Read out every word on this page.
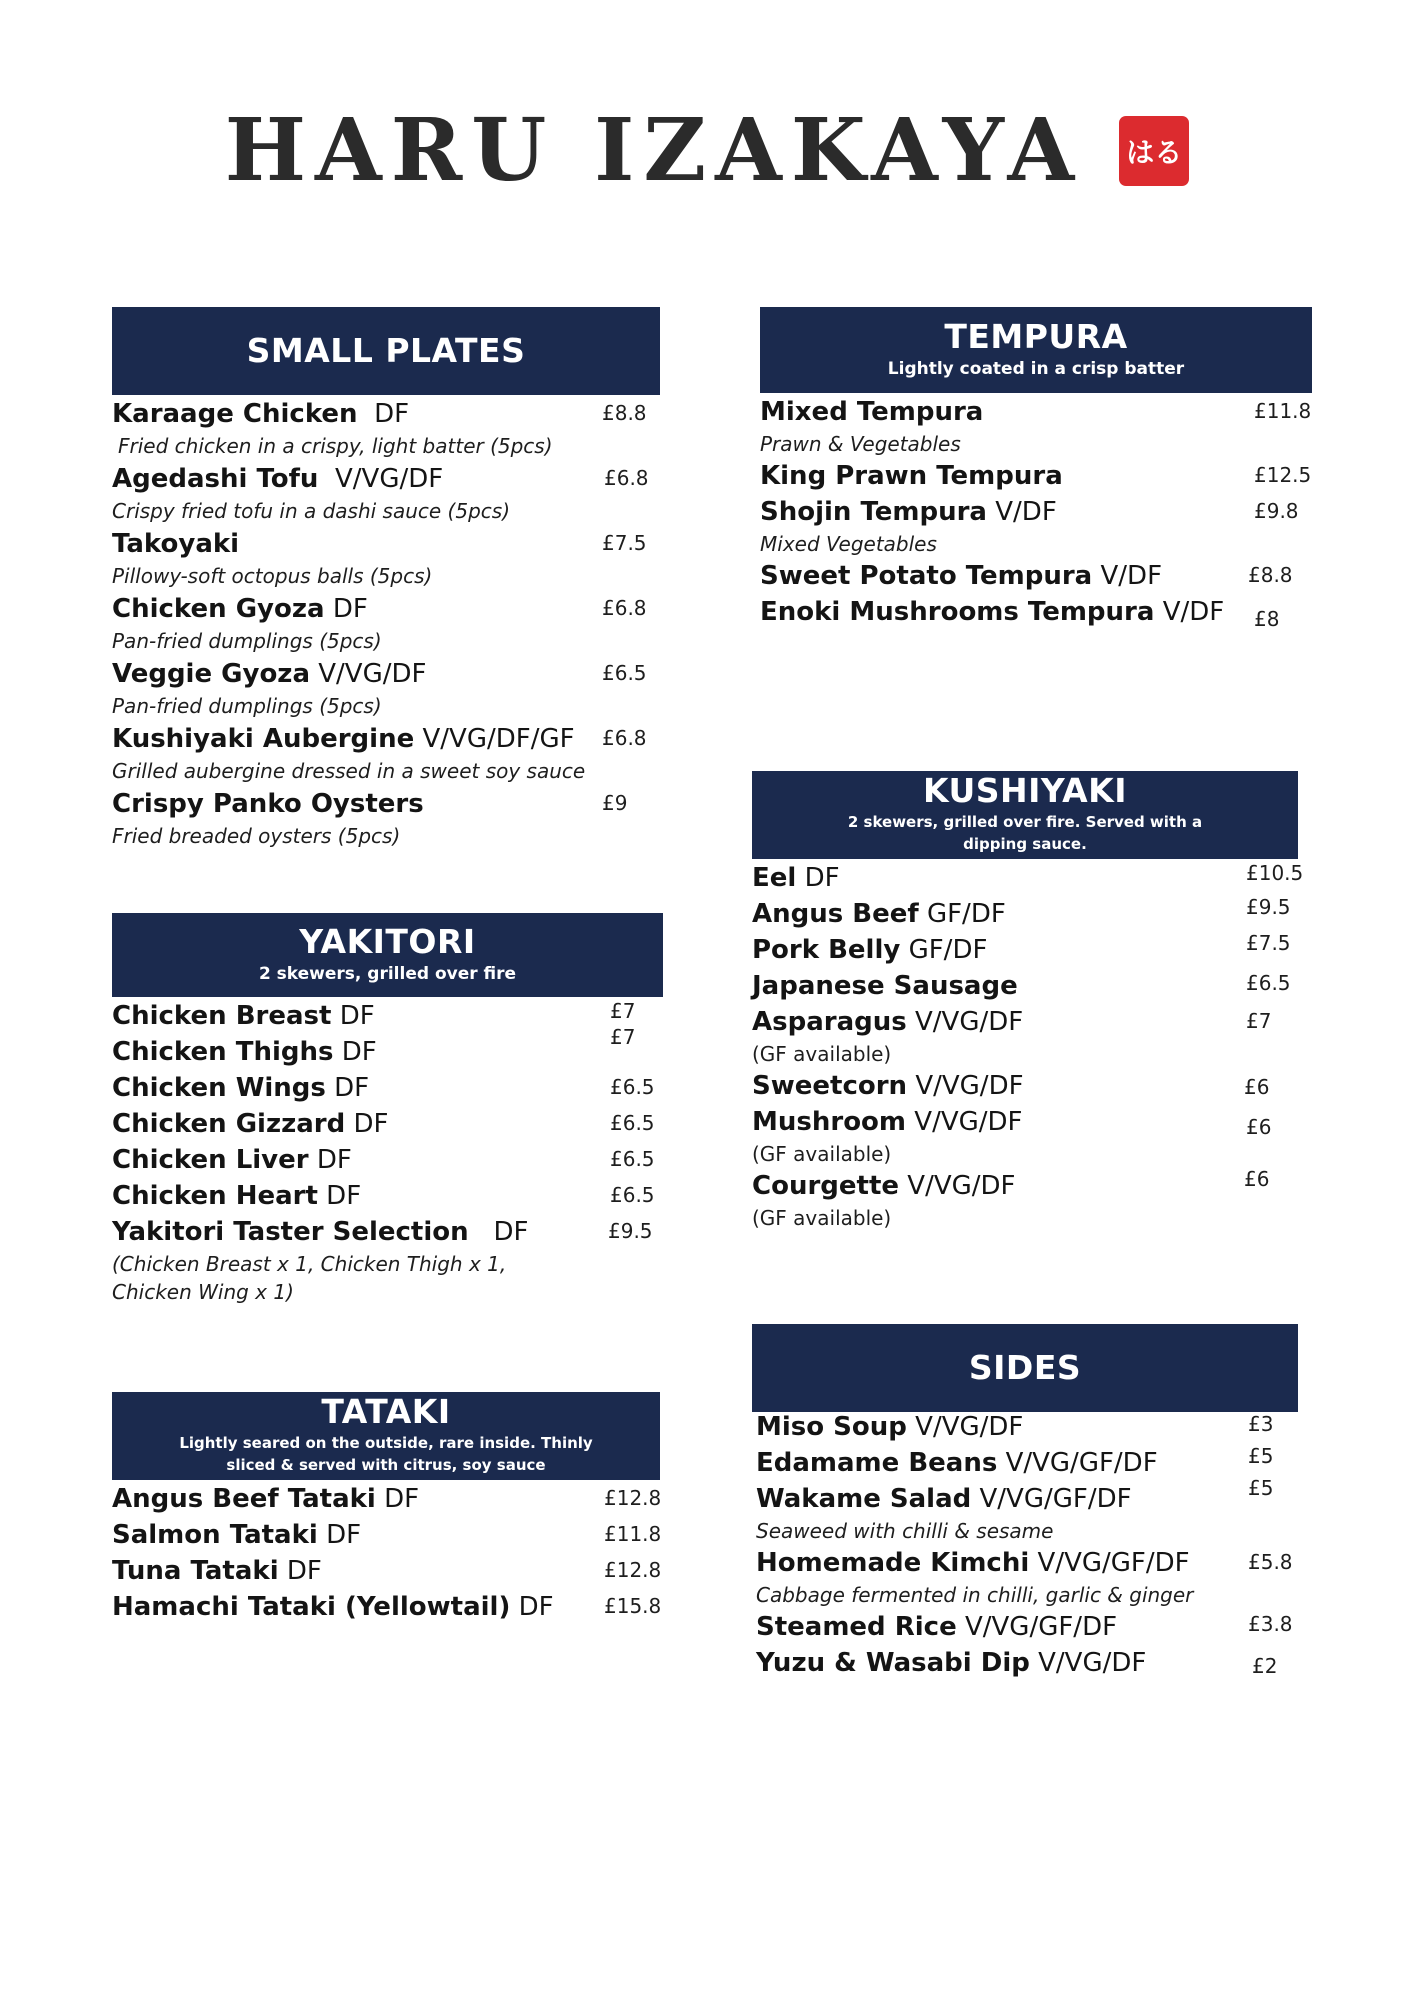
HARU IZAKAYA はる
SMALL PLATES
Karaage Chicken DF
Fried chicken in a crispy, light batter (5pcs)
£8.8
Agedashi Tofu V/VG/DF
Crispy fried tofu in a dashi sauce (5pcs)
£6.8
Takoyaki
Pillowy-soft octopus balls (5pcs)
£7.5
Chicken Gyoza DF
Pan-fried dumplings (5pcs)
£6.8
Veggie Gyoza V/VG/DF
Pan-fried dumplings (5pcs)
£6.5
Kushiyaki Aubergine V/VG/DF/GF
Grilled aubergine dressed in a sweet soy sauce
£6.8
Crispy Panko Oysters
Fried breaded oysters (5pcs)
£9
YAKITORI
2 skewers, grilled over fire
Chicken Breast DF	£7
Chicken Thighs DF	£7
Chicken Wings DF	£6.5
Chicken Gizzard DF	£6.5
Chicken Liver DF	£6.5
Chicken Heart DF	£6.5
Yakitori Taster Selection DF
(Chicken Breast x 1, Chicken Thigh x 1,
Chicken Wing x 1)
£9.5
TATAKI
Lightly seared on the outside, rare inside. Thinly sliced & served with citrus, soy sauce
Angus Beef Tataki DF	£12.8
Salmon Tataki DF	£11.8
Tuna Tataki DF	£12.8
Hamachi Tataki (Yellowtail) DF	£15.8
TEMPURA
Lightly coated in a crisp batter
Mixed Tempura
Prawn & Vegetables
£11.8
King Prawn Tempura	£12.5
Shojin Tempura V/DF
Mixed Vegetables
£9.8
Sweet Potato Tempura V/DF	£8.8
Enoki Mushrooms Tempura V/DF	£8
KUSHIYAKI
2 skewers, grilled over fire. Served with a dipping sauce.
Eel DF	£10.5
Angus Beef GF/DF	£9.5
Pork Belly GF/DF	£7.5
Japanese Sausage	£6.5
Asparagus V/VG/DF
(GF available)
£7
Sweetcorn V/VG/DF	£6
Mushroom V/VG/DF
(GF available)
£6
Courgette V/VG/DF
(GF available)
£6
SIDES
Miso Soup V/VG/DF	£3
Edamame Beans V/VG/GF/DF	£5
Wakame Salad V/VG/GF/DF
Seaweed with chilli & sesame
£5
Homemade Kimchi V/VG/GF/DF
Cabbage fermented in chilli, garlic & ginger
£5.8
Steamed Rice V/VG/GF/DF	£3.8
Yuzu & Wasabi Dip V/VG/DF	£2
